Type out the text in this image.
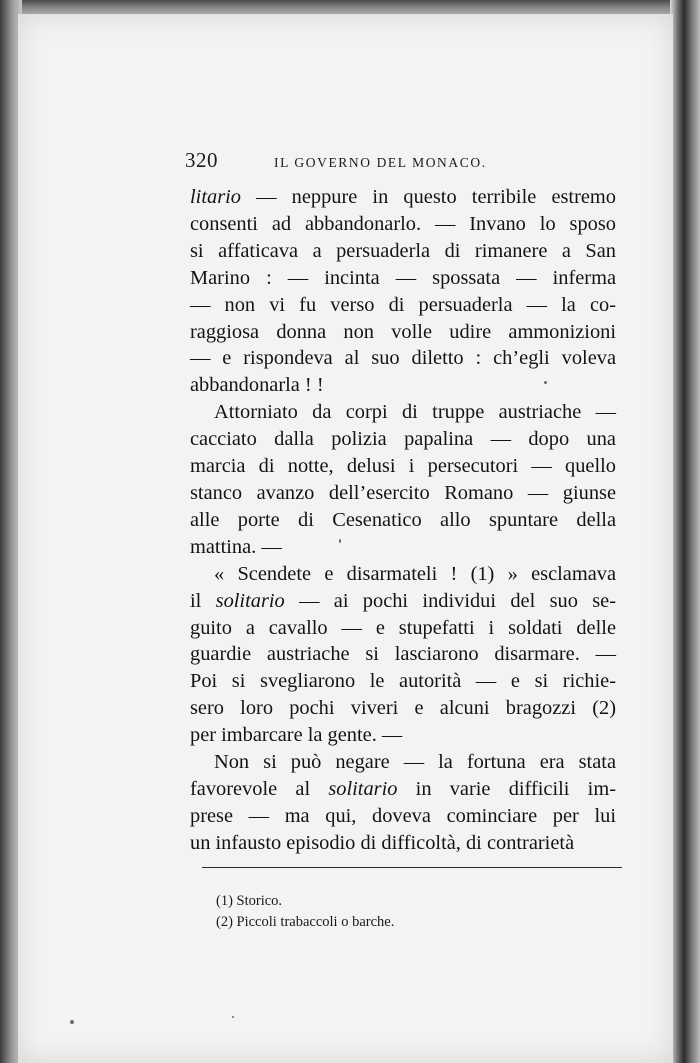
320	IL GOVERNO DEL MONACO.
litario — neppure in questo terribile estremo
consenti ad abbandonarlo. — Invano lo sposo
si affaticava a persuaderla di rimanere a San
Marino : — incinta — spossata — inferma
— non vi fu verso di persuaderla — la co-
raggiosa donna non volle udire ammonizioni
— e rispondeva al suo diletto : ch’egli voleva
abbandonarla ! !
Attorniato da corpi di truppe austriache —
cacciato dalla polizia papalina — dopo una
marcia di notte, delusi i persecutori — quello
stanco avanzo dell’esercito Romano — giunse
alle porte di Cesenatico allo spuntare della
mattina. —
« Scendete e disarmateli ! (1) » esclamava
il solitario — ai pochi individui del suo se-
guito a cavallo — e stupefatti i soldati delle
guardie austriache si lasciarono disarmare. —
Poi si svegliarono le autorità — e si richie-
sero loro pochi viveri e alcuni bragozzi (2)
per imbarcare la gente. —
Non si può negare — la fortuna era stata
favorevole al solitario in varie difficili im-
prese — ma qui, doveva cominciare per lui
un infausto episodio di difficoltà, di contrarietà
(1) Storico.
(2) Piccoli trabaccoli o barche.
